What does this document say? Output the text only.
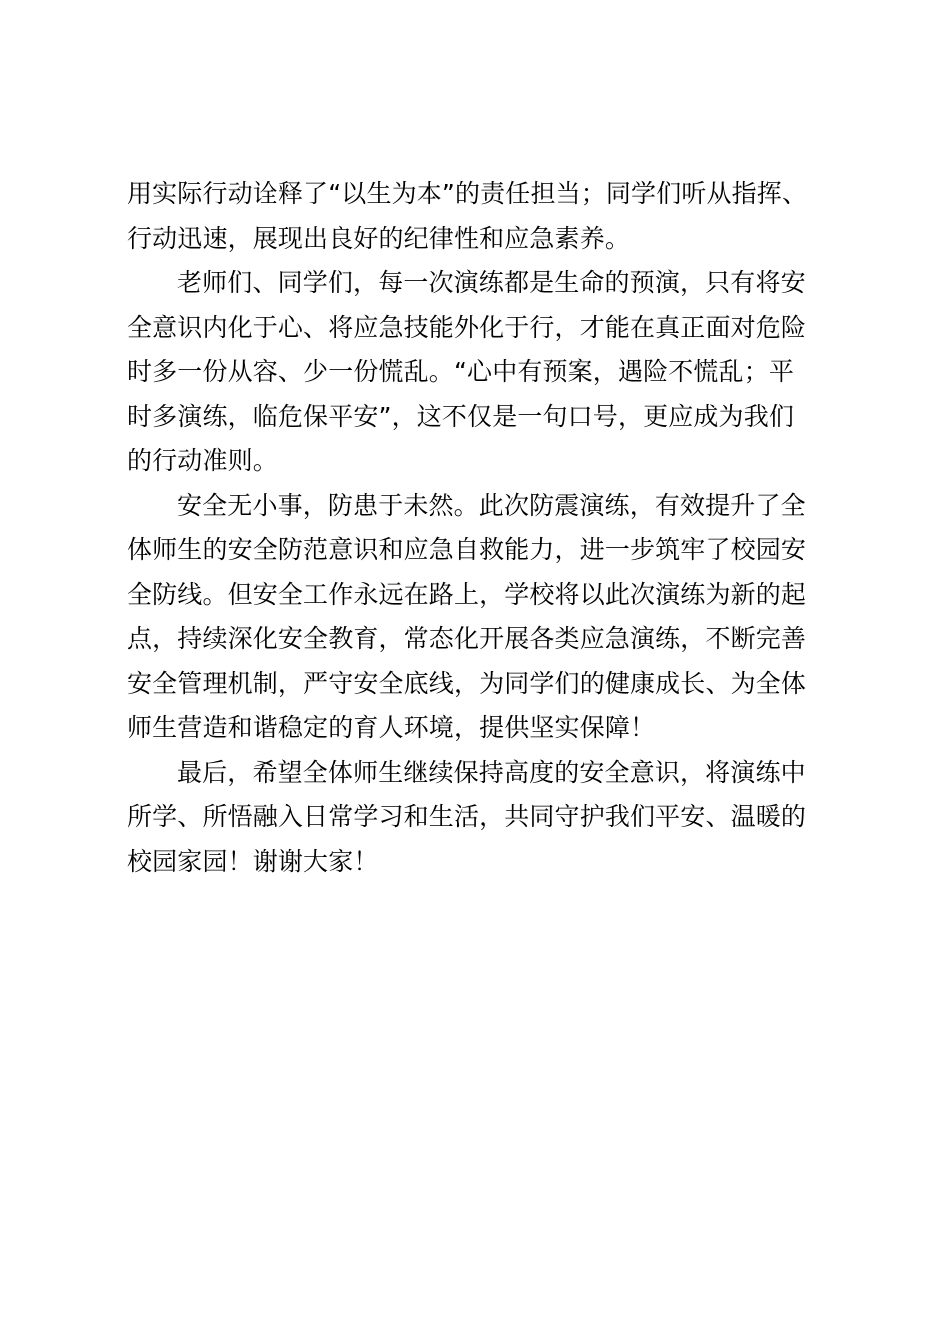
用实际行动诠释了“以生为本”的责任担当；同学们听从指挥、
行动迅速，展现出良好的纪律性和应急素养。
老师们、同学们，每一次演练都是生命的预演，只有将安
全意识内化于心、将应急技能外化于行，才能在真正面对危险
时多一份从容、少一份慌乱。“心中有预案，遇险不慌乱；平
时多演练，临危保平安”，这不仅是一句口号，更应成为我们
的行动准则。
安全无小事，防患于未然。此次防震演练，有效提升了全
体师生的安全防范意识和应急自救能力，进一步筑牢了校园安
全防线。但安全工作永远在路上，学校将以此次演练为新的起
点，持续深化安全教育，常态化开展各类应急演练，不断完善
安全管理机制，严守安全底线，为同学们的健康成长、为全体
师生营造和谐稳定的育人环境，提供坚实保障！
最后，希望全体师生继续保持高度的安全意识，将演练中
所学、所悟融入日常学习和生活，共同守护我们平安、温暖的
校园家园！谢谢大家！
